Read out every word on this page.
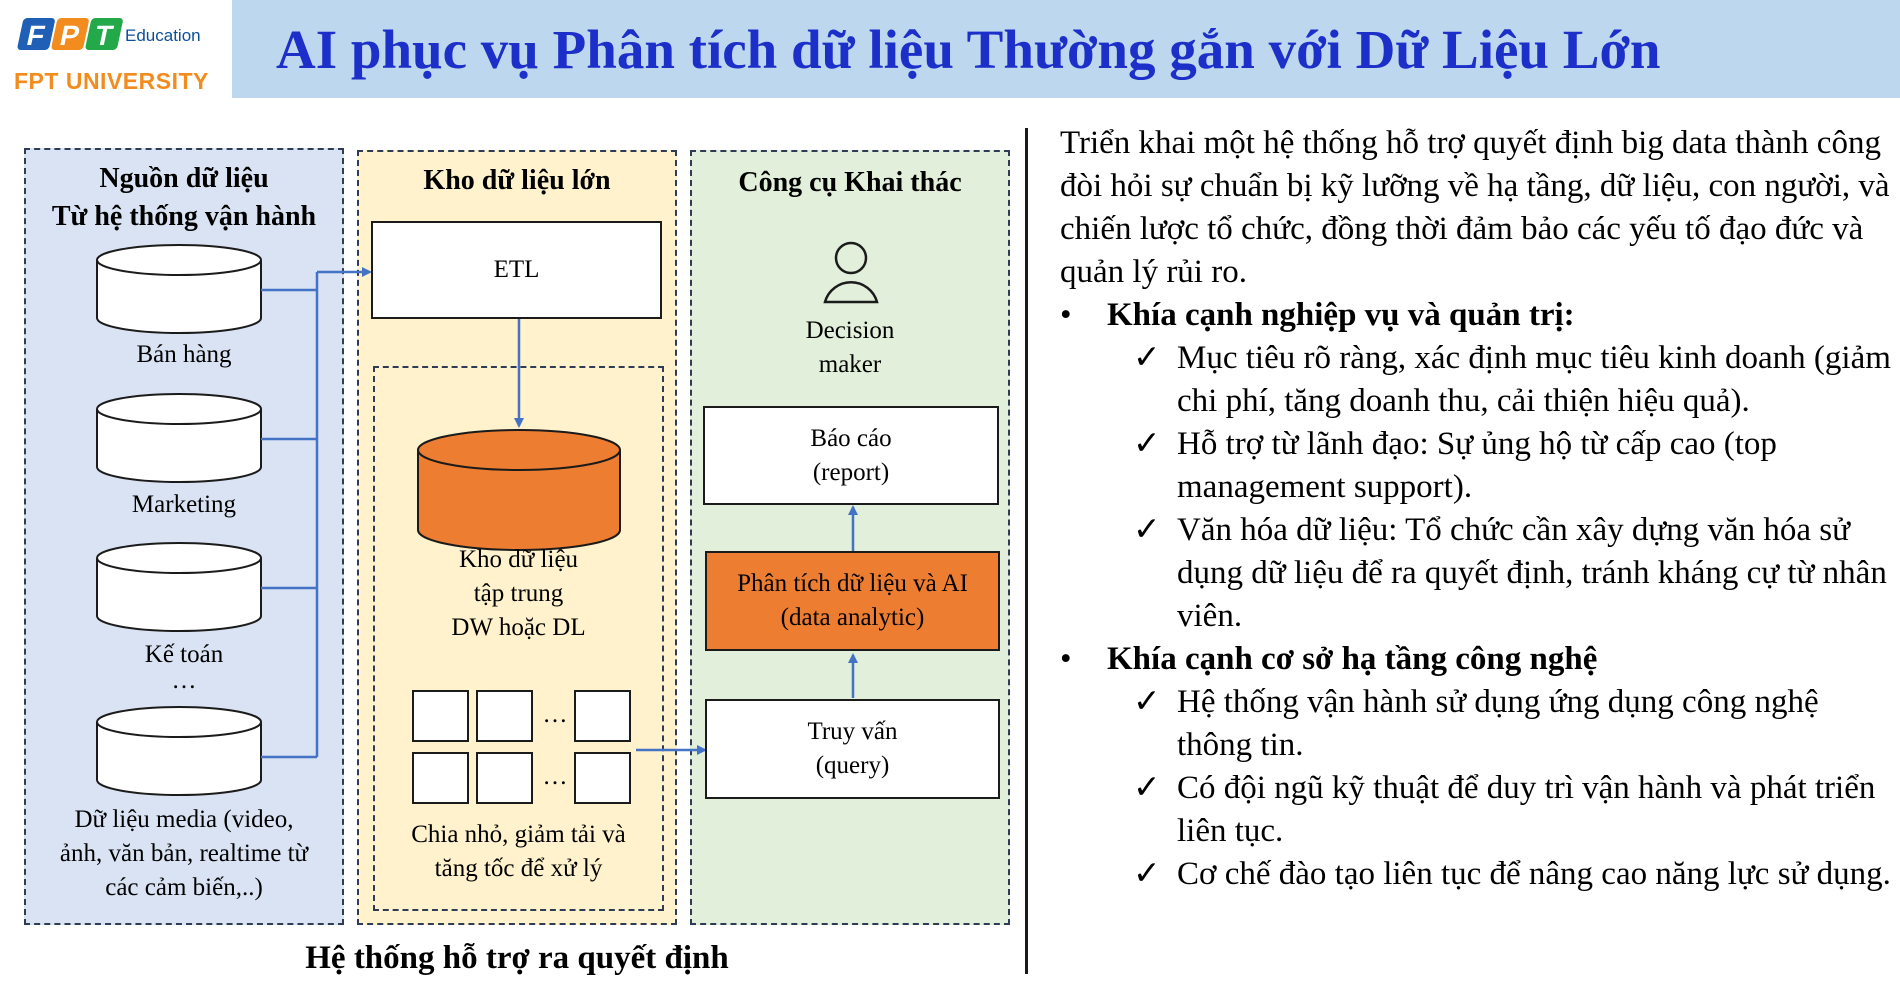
AI phục vụ Phân tích dữ liệu Thường gắn với Dữ Liệu Lớn
F P T Education
FPT UNIVERSITY
Nguồn dữ liệu
Từ hệ thống vận hành
Bán hàng
Marketing
Kế toán
…
Dữ liệu media (video,
ảnh, văn bản, realtime từ
các cảm biến,..)
Kho dữ liệu lớn
ETL
Kho dữ liệu
tập trung
DW hoặc DL
…
…
Chia nhỏ, giảm tải và
tăng tốc để xử lý
Công cụ Khai thác
Decision
maker
Báo cáo
(report)
Phân tích dữ liệu và AI
(data analytic)
Truy vấn
(query)
Hệ thống hỗ trợ ra quyết định

Triển khai một hệ thống hỗ trợ quyết định big data thành công đòi hỏi sự chuẩn bị kỹ lưỡng về hạ tầng, dữ liệu, con người, và chiến lược tổ chức, đồng thời đảm bảo các yếu tố đạo đức và quản lý rủi ro.

• Khía cạnh nghiệp vụ và quản trị:

✓ Mục tiêu rõ ràng, xác định mục tiêu kinh doanh (giảm chi phí, tăng doanh thu, cải thiện hiệu quả).

✓ Hỗ trợ từ lãnh đạo: Sự ủng hộ từ cấp cao (top management support).

✓ Văn hóa dữ liệu: Tổ chức cần xây dựng văn hóa sử dụng dữ liệu để ra quyết định, tránh kháng cự từ nhân viên.

• Khía cạnh cơ sở hạ tầng công nghệ

✓ Hệ thống vận hành sử dụng ứng dụng công nghệ thông tin.

✓ Có đội ngũ kỹ thuật để duy trì vận hành và phát triển liên tục.

✓ Cơ chế đào tạo liên tục để nâng cao năng lực sử dụng.
